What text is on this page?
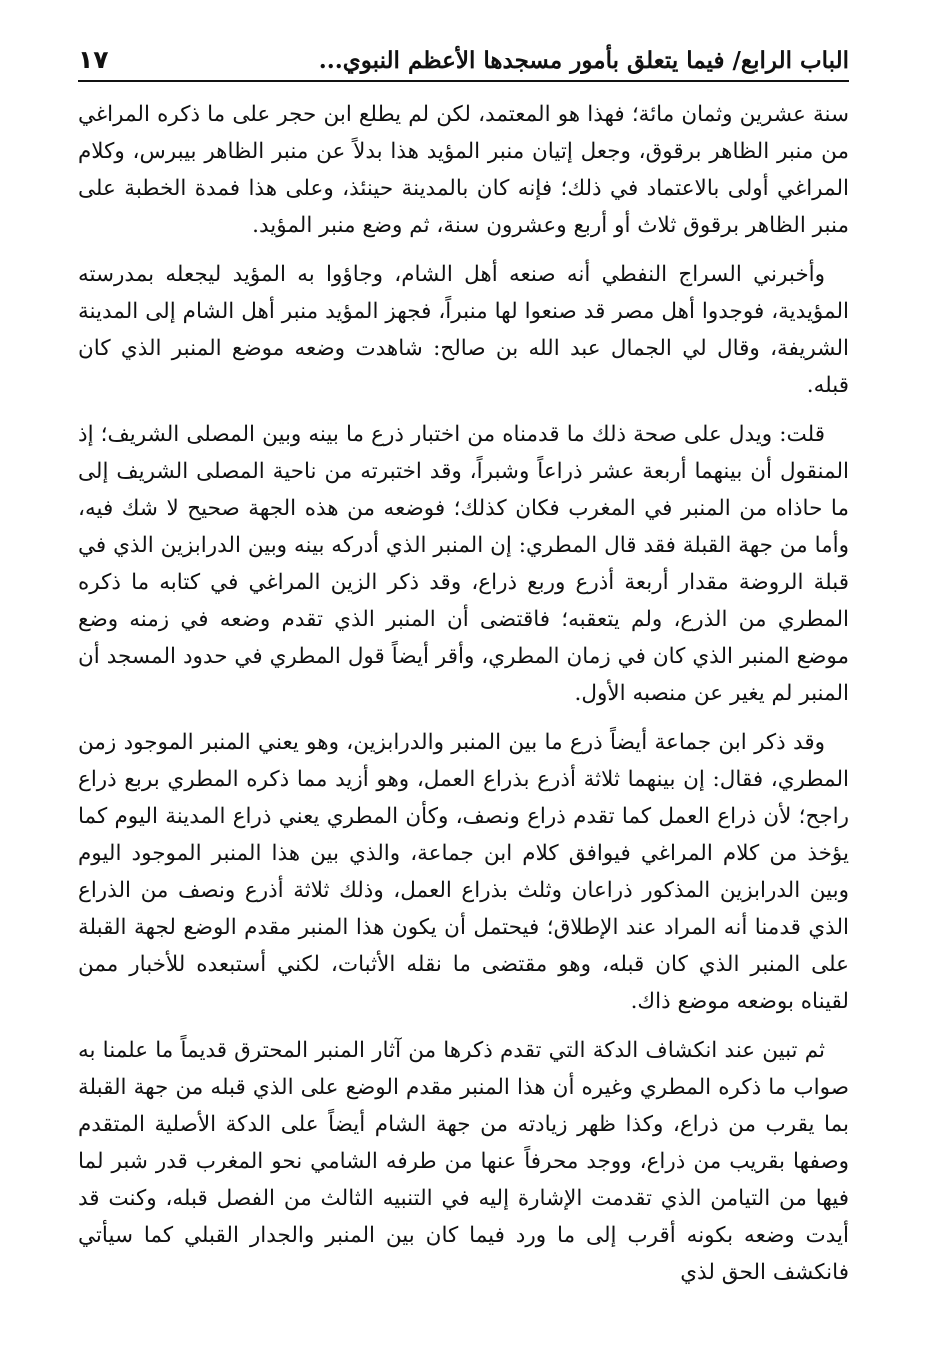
الباب الرابع/ فيما يتعلق بأمور مسجدها الأعظم النبوي...
١٧

سنة عشرين وثمان مائة؛ فهذا هو المعتمد، لكن لم يطلع ابن حجر على ما ذكره المراغي من منبر الظاهر برقوق، وجعل إتيان منبر المؤيد هذا بدلاً عن منبر الظاهر بيبرس، وكلام المراغي أولى بالاعتماد في ذلك؛ فإنه كان بالمدينة حينئذ، وعلى هذا فمدة الخطبة على منبر الظاهر برقوق ثلاث أو أربع وعشرون سنة، ثم وضع منبر المؤيد.

وأخبرني السراج النفطي أنه صنعه أهل الشام، وجاؤوا به المؤيد ليجعله بمدرسته المؤيدية، فوجدوا أهل مصر قد صنعوا لها منبراً، فجهز المؤيد منبر أهل الشام إلى المدينة الشريفة، وقال لي الجمال عبد الله بن صالح: شاهدت وضعه موضع المنبر الذي كان قبله.

قلت: ويدل على صحة ذلك ما قدمناه من اختبار ذرع ما بينه وبين المصلى الشريف؛ إذ المنقول أن بينهما أربعة عشر ذراعاً وشبراً، وقد اختبرته من ناحية المصلى الشريف إلى ما حاذاه من المنبر في المغرب فكان كذلك؛ فوضعه من هذه الجهة صحيح لا شك فيه، وأما من جهة القبلة فقد قال المطري: إن المنبر الذي أدركه بينه وبين الدرابزين الذي في قبلة الروضة مقدار أربعة أذرع وربع ذراع، وقد ذكر الزين المراغي في كتابه ما ذكره المطري من الذرع، ولم يتعقبه؛ فاقتضى أن المنبر الذي تقدم وضعه في زمنه وضع موضع المنبر الذي كان في زمان المطري، وأقر أيضاً قول المطري في حدود المسجد أن المنبر لم يغير عن منصبه الأول.

وقد ذكر ابن جماعة أيضاً ذرع ما بين المنبر والدرابزين، وهو يعني المنبر الموجود زمن المطري، فقال: إن بينهما ثلاثة أذرع بذراع العمل، وهو أزيد مما ذكره المطري بربع ذراع راجح؛ لأن ذراع العمل كما تقدم ذراع ونصف، وكأن المطري يعني ذراع المدينة اليوم كما يؤخذ من كلام المراغي فيوافق كلام ابن جماعة، والذي بين هذا المنبر الموجود اليوم وبين الدرابزين المذكور ذراعان وثلث بذراع العمل، وذلك ثلاثة أذرع ونصف من الذراع الذي قدمنا أنه المراد عند الإطلاق؛ فيحتمل أن يكون هذا المنبر مقدم الوضع لجهة القبلة على المنبر الذي كان قبله، وهو مقتضى ما نقله الأثبات، لكني أستبعده للأخبار ممن لقيناه بوضعه موضع ذاك.

ثم تبين عند انكشاف الدكة التي تقدم ذكرها من آثار المنبر المحترق قديماً ما علمنا به صواب ما ذكره المطري وغيره أن هذا المنبر مقدم الوضع على الذي قبله من جهة القبلة بما يقرب من ذراع، وكذا ظهر زيادته من جهة الشام أيضاً على الدكة الأصلية المتقدم وصفها بقريب من ذراع، ووجد محرفاً عنها من طرفه الشامي نحو المغرب قدر شبر لما فيها من التيامن الذي تقدمت الإشارة إليه في التنبيه الثالث من الفصل قبله، وكنت قد أيدت وضعه بكونه أقرب إلى ما ورد فيما كان بين المنبر والجدار القبلي كما سيأتي فانكشف الحق لذي
